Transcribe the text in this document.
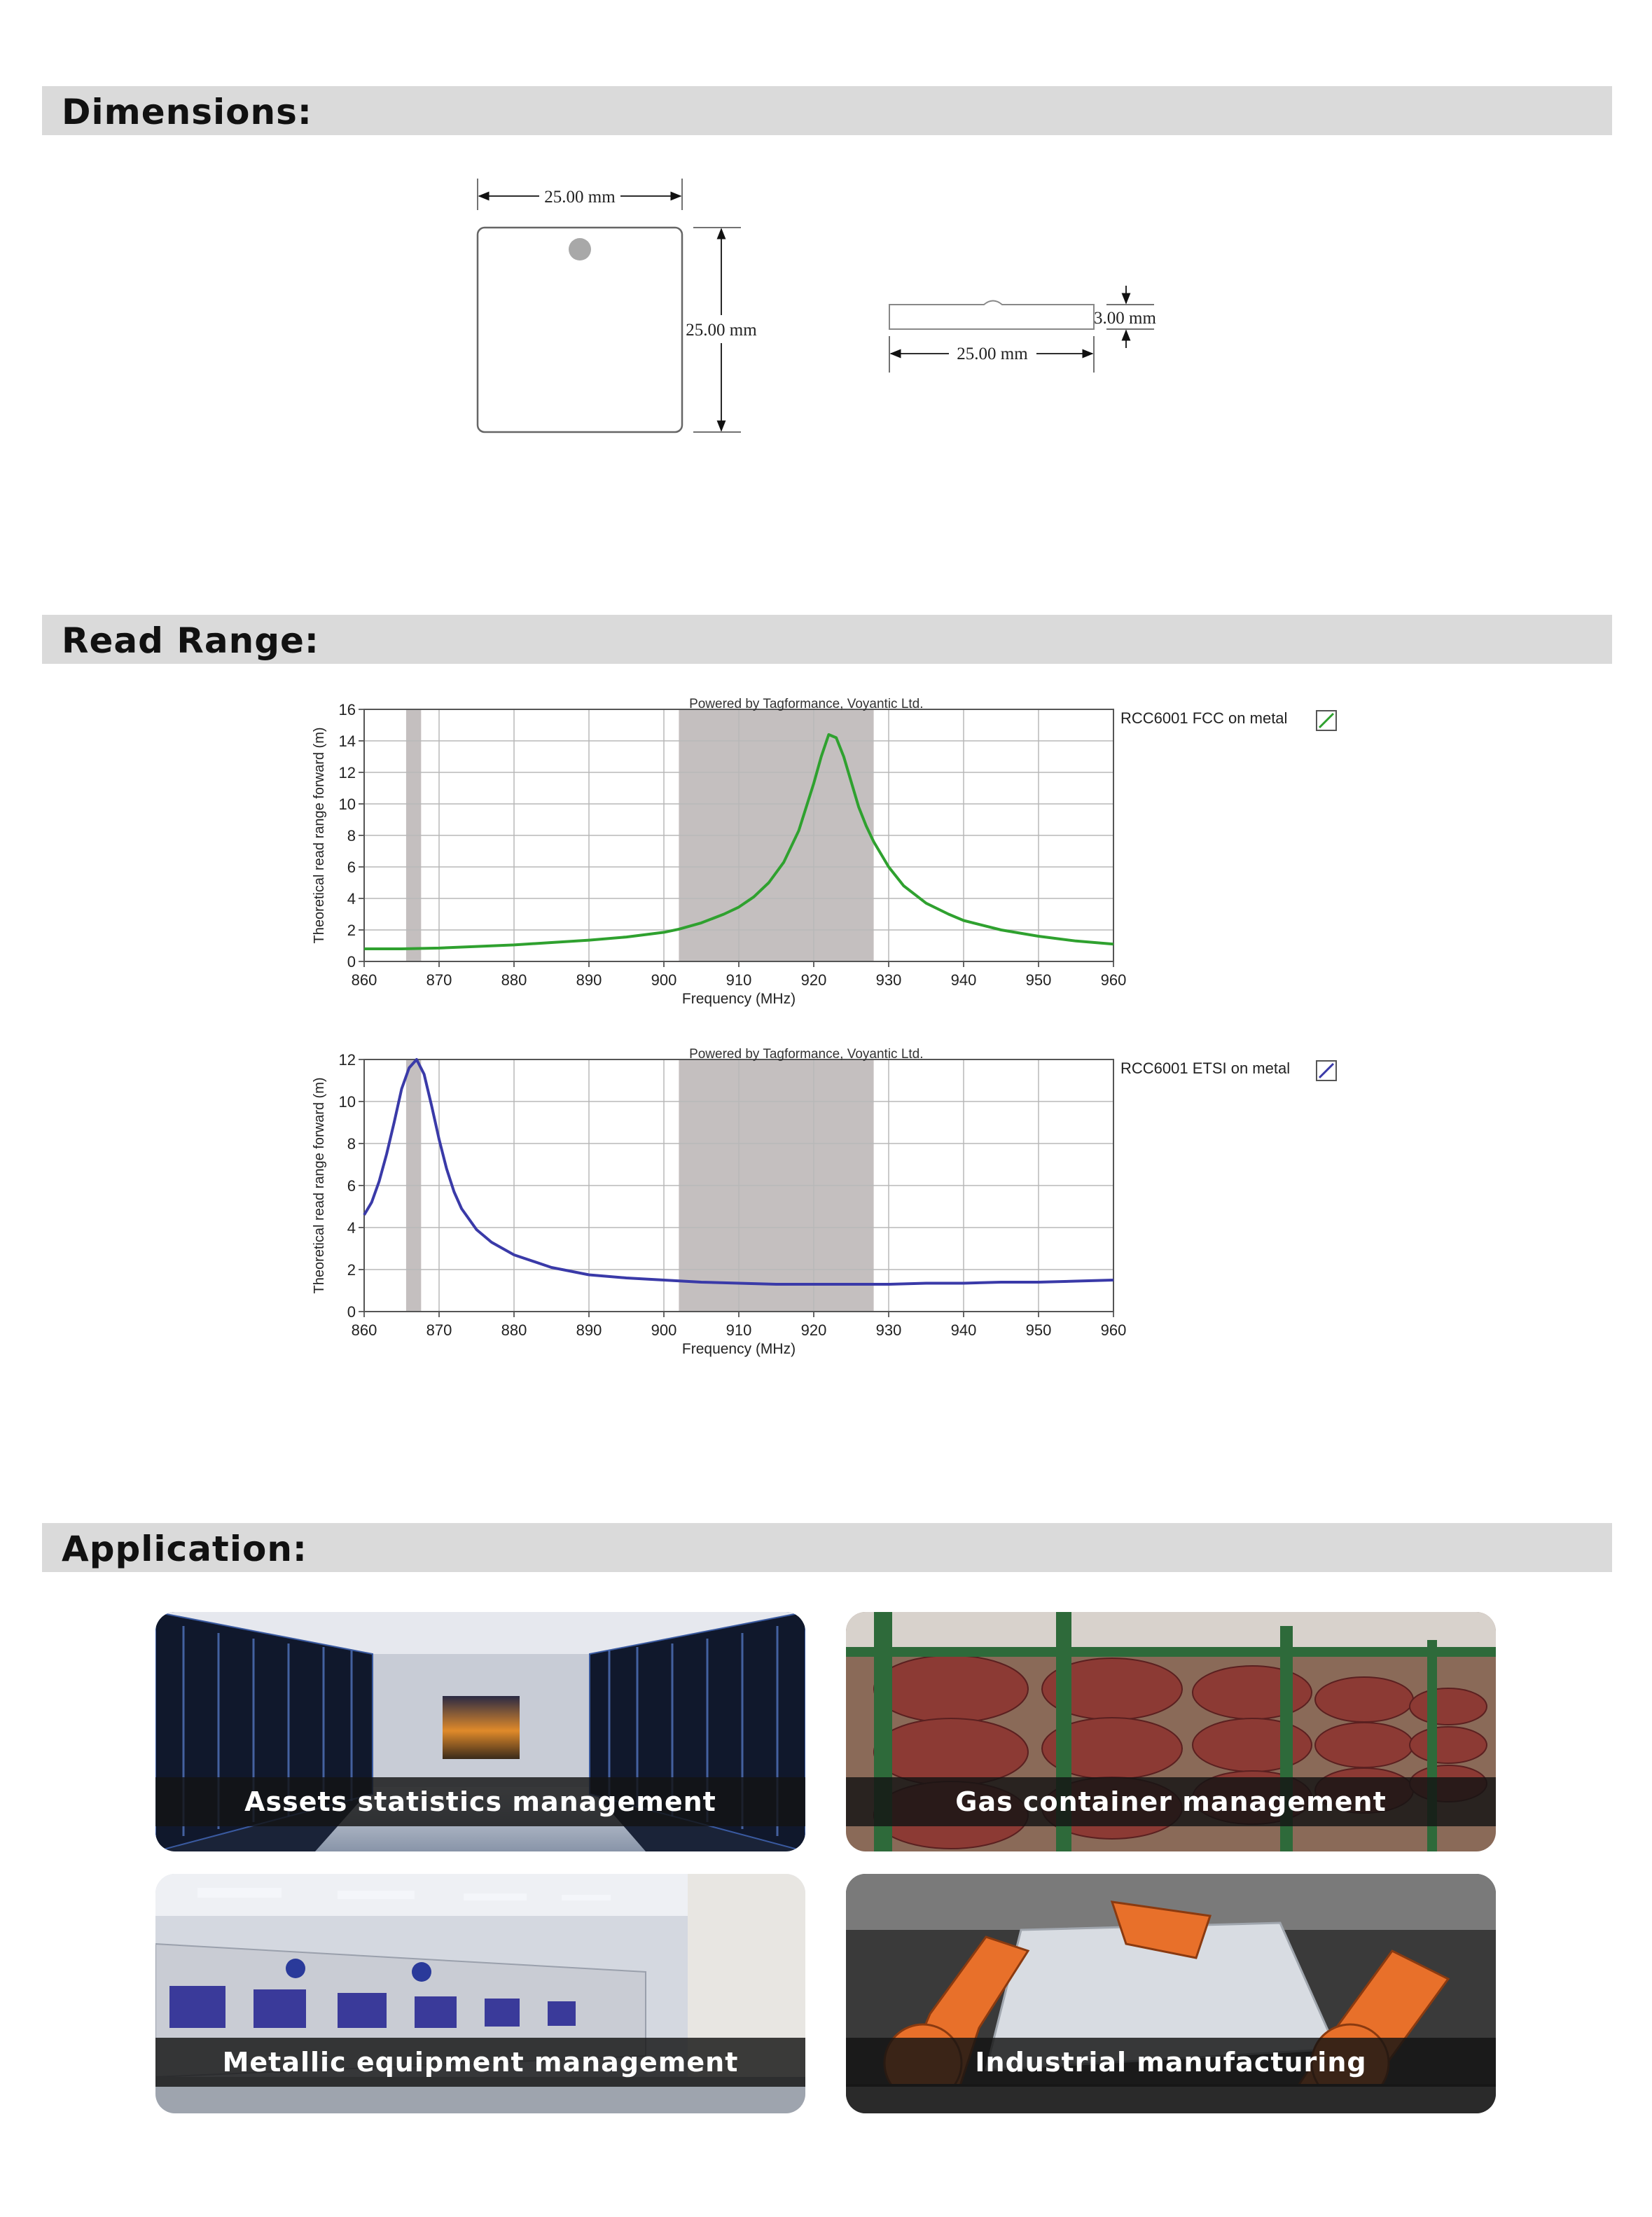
Dimensions:
25.00 mm
25.00 mm
3.00 mm
25.00 mm
Read Range:
860	870	880	890	900	910	920	930	940	950	960
0
2
4
6
8
10
12
14
16	Powered by Tagformance, Voyantic Ltd.
Frequency (MHz)
Theoretical read range forward (m)
RCC6001 FCC on metal
860	870	880	890	900	910	920	930	940	950	960
0
2
4
6
8
10
12	Powered by Tagformance, Voyantic Ltd.
Frequency (MHz)
Theoretical read range forward (m)
RCC6001 ETSI on metal
Application:
Assets statistics management	Gas container management
Metallic equipment management	Industrial manufacturing
